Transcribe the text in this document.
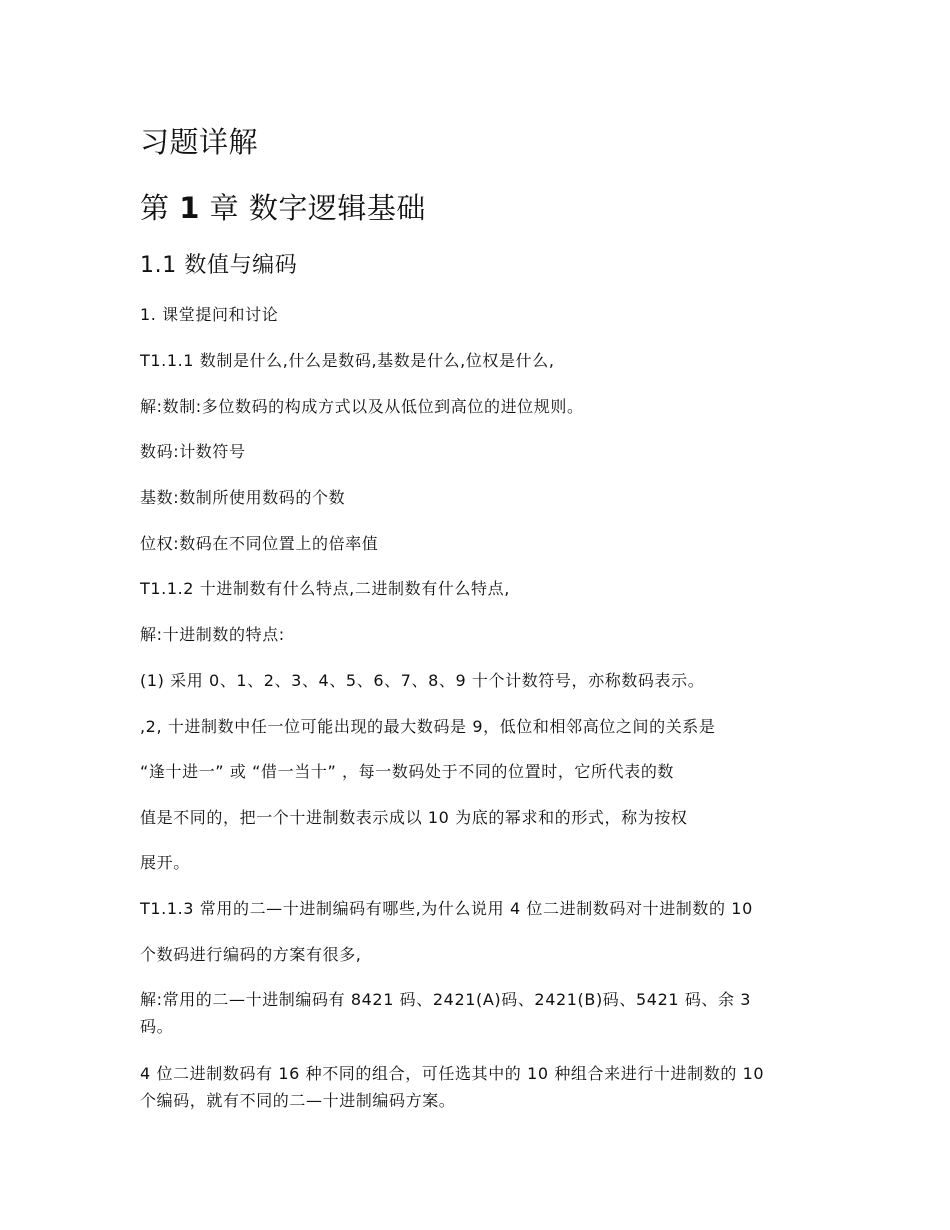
习题详解
第 1 章 数字逻辑基础
1.1 数值与编码
1. 课堂提问和讨论
T1.1.1 数制是什么,什么是数码,基数是什么,位权是什么,
解:数制:多位数码的构成方式以及从低位到高位的进位规则。
数码:计数符号
基数:数制所使用数码的个数
位权:数码在不同位置上的倍率值
T1.1.2 十进制数有什么特点,二进制数有什么特点,
解:十进制数的特点:
(1) 采用 0、1、2、3、4、5、6、7、8、9 十个计数符号，亦称数码表示。
,2, 十进制数中任一位可能出现的最大数码是 9，低位和相邻高位之间的关系是
“逢十进一” 或 “借一当十” ，每一数码处于不同的位置时，它所代表的数
值是不同的，把一个十进制数表示成以 10 为底的幂求和的形式，称为按权
展开。
T1.1.3 常用的二—十进制编码有哪些,为什么说用 4 位二进制数码对十进制数的 10
个数码进行编码的方案有很多,
解:常用的二—十进制编码有 8421 码、2421(A)码、2421(B)码、5421 码、余 3
码。
4 位二进制数码有 16 种不同的组合，可任选其中的 10 种组合来进行十进制数的 10
个编码，就有不同的二—十进制编码方案。
